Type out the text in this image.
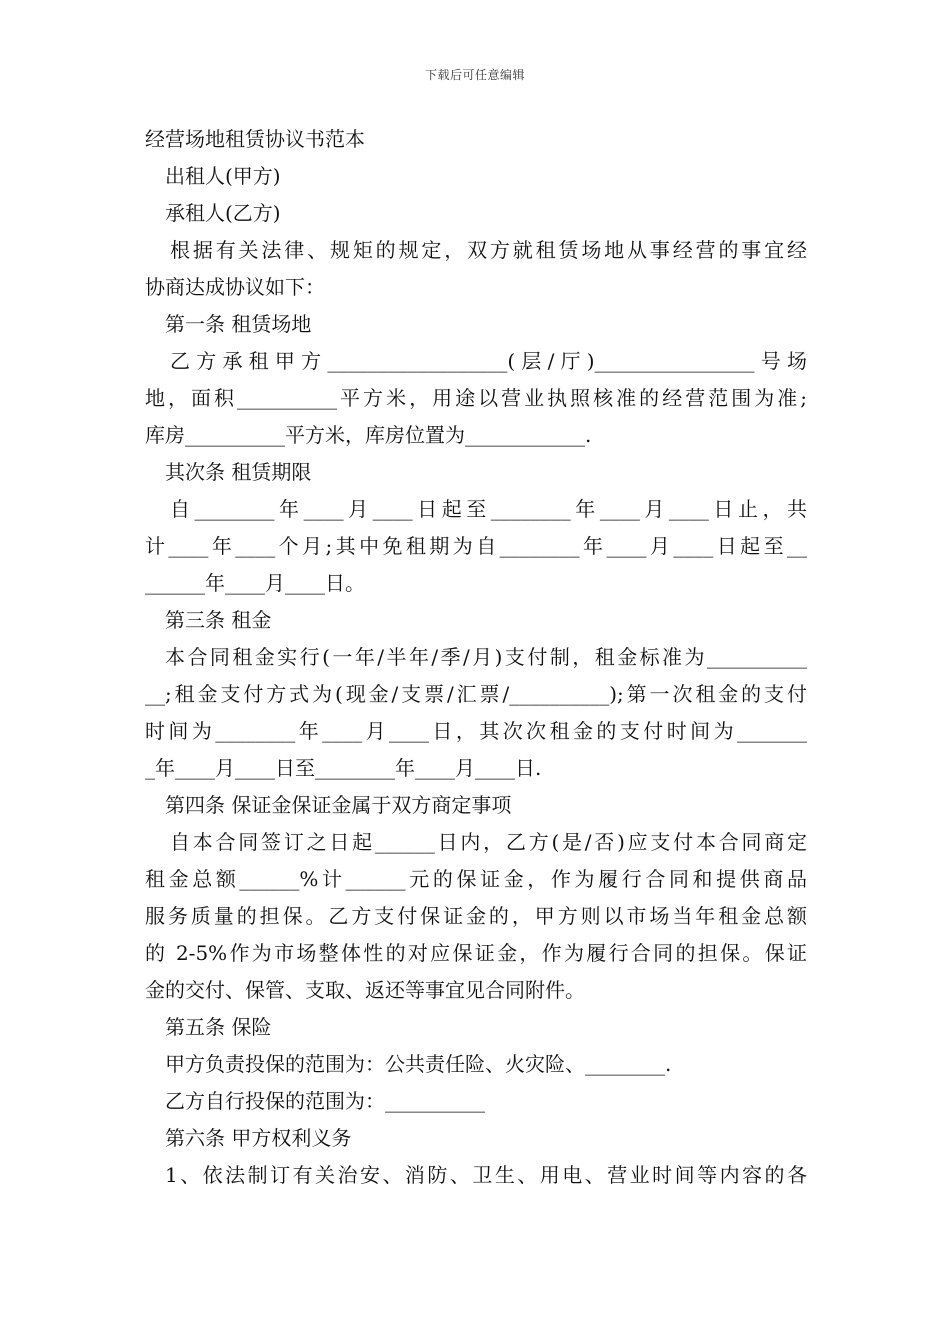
下载后可任意编辑
经营场地租赁协议书范本
出租人(甲方)
承租人(乙方)
根据有关法律、规矩的规定，双方就租赁场地从事经营的事宜经
协商达成协议如下：
第一条 租赁场地
乙方承租甲方__________________(层/厅)________________号场
地，面积__________平方米，用途以营业执照核准的经营范围为准;
库房__________平方米，库房位置为____________.
其次条 租赁期限
自________年____月____日起至________年____月____日止，共
计____年____个月;其中免租期为自________年____月____日起至__
______年____月____日。
第三条 租金
本合同租金实行(一年/半年/季/月)支付制，租金标准为__________
__;租金支付方式为(现金/支票/汇票/__________);第一次租金的支付
时间为________年____月____日，其次次租金的支付时间为_______
_年____月____日至________年____月____日.
第四条 保证金保证金属于双方商定事项
自本合同签订之日起______日内，乙方(是/否)应支付本合同商定
租金总额______%计______元的保证金，作为履行合同和提供商品
服务质量的担保。乙方支付保证金的，甲方则以市场当年租金总额
的 2-5%作为市场整体性的对应保证金，作为履行合同的担保。保证
金的交付、保管、支取、返还等事宜见合同附件。
第五条 保险
甲方负责投保的范围为：公共责任险、火灾险、________.
乙方自行投保的范围为：__________
第六条 甲方权利义务
1、依法制订有关治安、消防、卫生、用电、营业时间等内容的各
